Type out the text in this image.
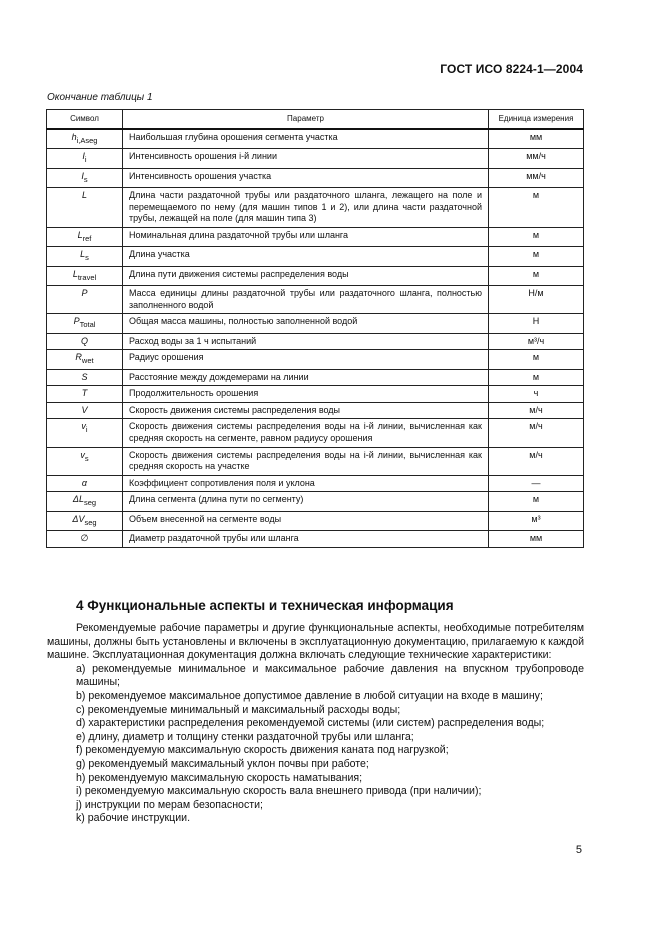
ГОСТ ИСО 8224-1—2004
Окончание таблицы 1
Символ	Параметр	Единица измерения
$h_{i,Aseg}$	Наибольшая глубина орошения сегмента участка	мм
$I_i$	Интенсивность орошения i-й линии	мм/ч
$I_s$	Интенсивность орошения участка	мм/ч
L	Длина части раздаточной трубы или раздаточного шланга, лежащего на поле и перемещаемого по нему (для машин типов 1 и 2), или длина части раздаточной трубы, лежащей на поле (для машин типа 3)	м
$L_{ref}$	Номинальная длина раздаточной трубы или шланга	м
$L_s$	Длина участка	м
$L_{travel}$	Длина пути движения системы распределения воды	м
P	Масса единицы длины раздаточной трубы или раздаточного шланга, полностью заполненного водой	Н/м
$P_{Total}$	Общая масса машины, полностью заполненной водой	Н
Q	Расход воды за 1 ч испытаний	м³/ч
$R_{wet}$	Радиус орошения	м
S	Расстояние между дождемерами на линии	м
T	Продолжительность орошения	ч
V	Скорость движения системы распределения воды	м/ч
$v_i$	Скорость движения системы распределения воды на i-й линии, вычисленная как средняя скорость на сегменте, равном радиусу орошения	м/ч
$v_s$	Скорость движения системы распределения воды на i-й линии, вычисленная как средняя скорость на участке	м/ч
α	Коэффициент сопротивления поля и уклона	—
$\Delta L_{seg}$	Длина сегмента (длина пути по сегменту)	м
$\Delta V_{seg}$	Объем внесенной на сегменте воды	м³
∅	Диаметр раздаточной трубы или шланга	мм
4 Функциональные аспекты и техническая информация

Рекомендуемые рабочие параметры и другие функциональные аспекты, необходимые потребителям машины, должны быть установлены и включены в эксплуатационную документацию, прилагаемую к каждой машине. Эксплуатационная документация должна включать следующие технические характеристики:

a) рекомендуемые минимальное и максимальное рабочие давления на впускном трубопроводе машины;

b) рекомендуемое максимальное допустимое давление в любой ситуации на входе в машину;

c) рекомендуемые минимальный и максимальный расходы воды;

d) характеристики распределения рекомендуемой системы (или систем) распределения воды;

e) длину, диаметр и толщину стенки раздаточной трубы или шланга;

f) рекомендуемую максимальную скорость движения каната под нагрузкой;

g) рекомендуемый максимальный уклон почвы при работе;

h) рекомендуемую максимальную скорость наматывания;

i) рекомендуемую максимальную скорость вала внешнего привода (при наличии);

j) инструкции по мерам безопасности;

k) рабочие инструкции.

5
